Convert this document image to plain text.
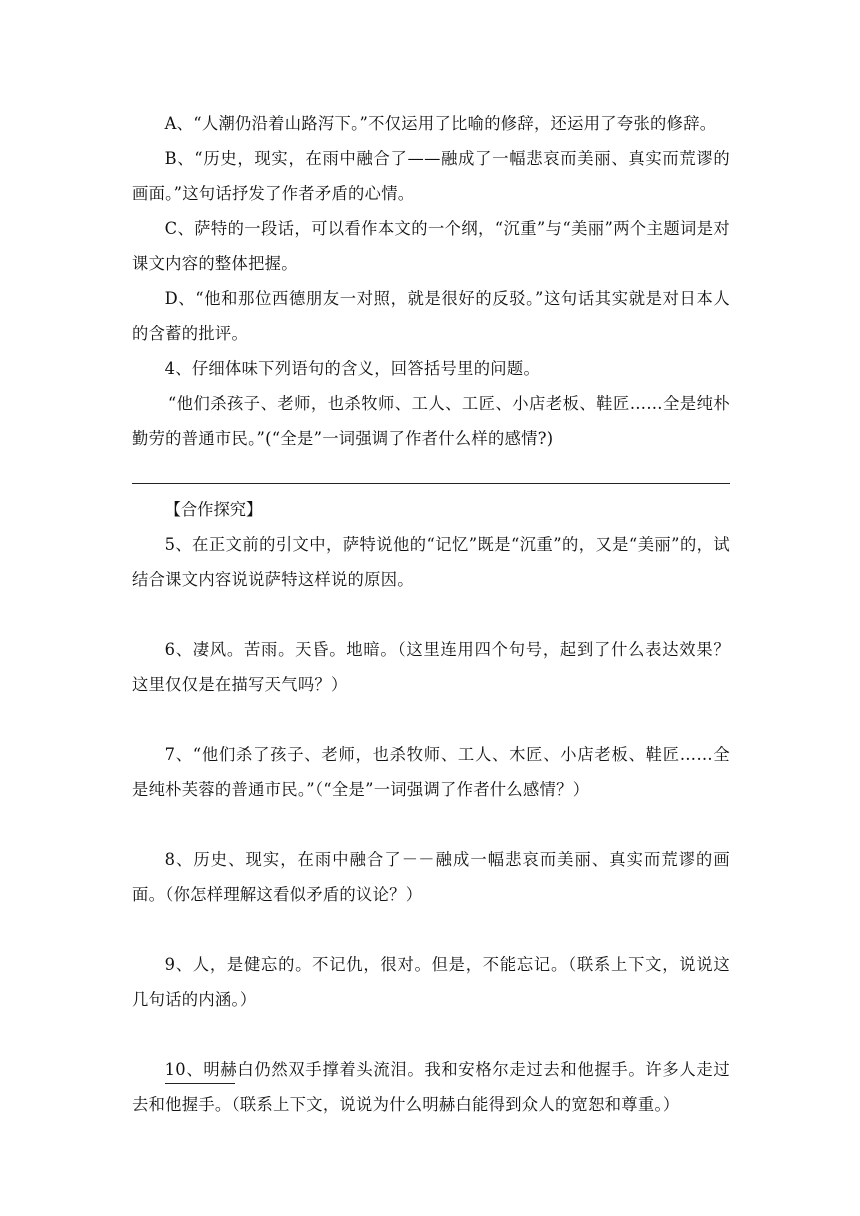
A、“人潮仍沿着山路泻下。”不仅运用了比喻的修辞，还运用了夸张的修辞。

B、“历史，现实，在雨中融合了——融成了一幅悲哀而美丽、真实而荒谬的画面。”这句话抒发了作者矛盾的心情。

C、萨特的一段话，可以看作本文的一个纲，“沉重”与“美丽”两个主题词是对课文内容的整体把握。

D、“他和那位西德朋友一对照，就是很好的反驳。”这句话其实就是对日本人的含蓄的批评。

4、仔细体味下列语句的含义，回答括号里的问题。

“他们杀孩子、老师，也杀牧师、工人、工匠、小店老板、鞋匠……全是纯朴勤劳的普通市民。”(“全是”一词强调了作者什么样的感情?)

【合作探究】

5、在正文前的引文中，萨特说他的“记忆”既是“沉重”的，又是“美丽”的，试结合课文内容说说萨特这样说的原因。

6、凄风。苦雨。天昏。地暗。（这里连用四个句号，起到了什么表达效果？这里仅仅是在描写天气吗？）

7、“他们杀了孩子、老师，也杀牧师、工人、木匠、小店老板、鞋匠……全是纯朴芙蓉的普通市民。”（“全是”一词强调了作者什么感情？）

8、历史、现实，在雨中融合了－－融成一幅悲哀而美丽、真实而荒谬的画面。（你怎样理解这看似矛盾的议论？）

9、人，是健忘的。不记仇，很对。但是，不能忘记。（联系上下文，说说这几句话的内涵。）

10、明赫白仍然双手撑着头流泪。我和安格尔走过去和他握手。许多人走过去和他握手。（联系上下文，说说为什么明赫白能得到众人的宽恕和尊重。）
